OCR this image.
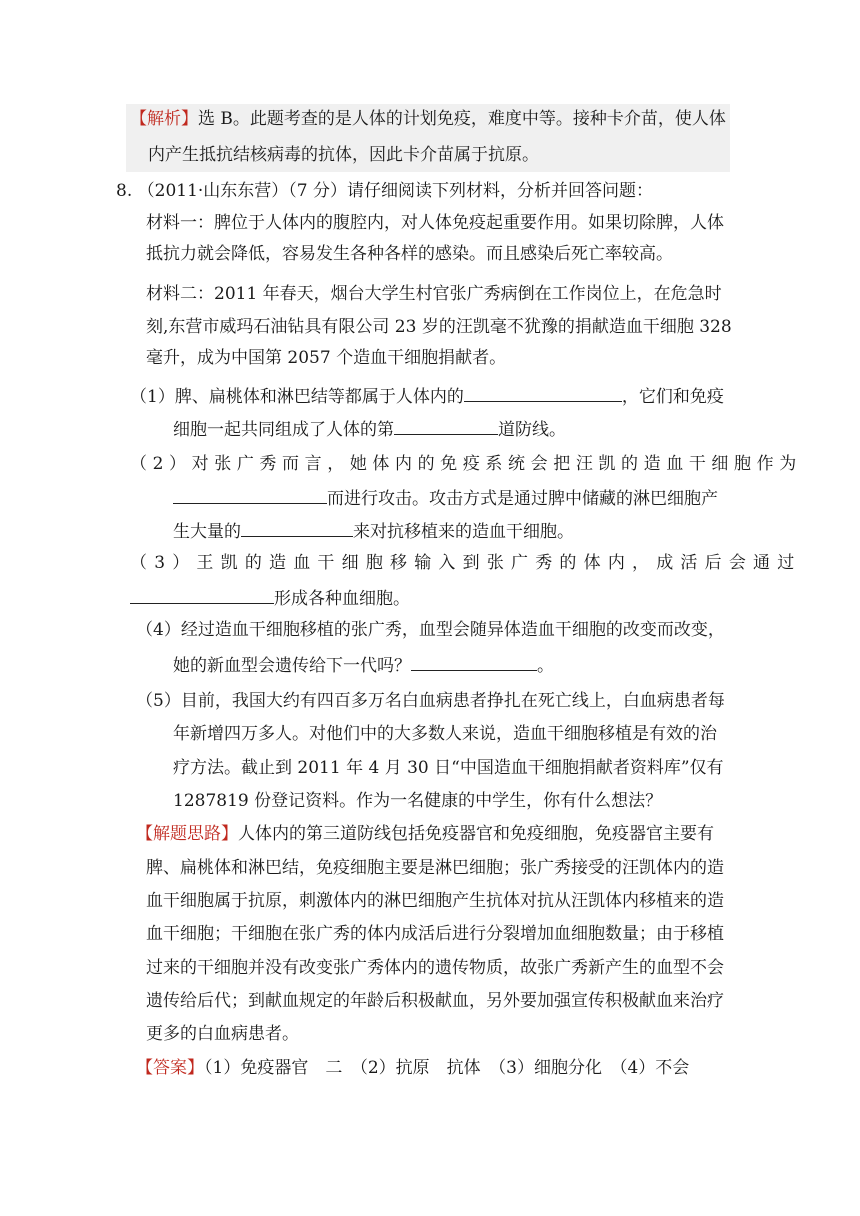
【解析】选 B。此题考查的是人体的计划免疫，难度中等。接种卡介苗，使人体
内产生抵抗结核病毒的抗体，因此卡介苗属于抗原。
8. （2011·山东东营）（7 分）请仔细阅读下列材料，分析并回答问题：
材料一：脾位于人体内的腹腔内，对人体免疫起重要作用。如果切除脾，人体
抵抗力就会降低，容易发生各种各样的感染。而且感染后死亡率较高。
材料二：2011 年春天，烟台大学生村官张广秀病倒在工作岗位上，在危急时
刻,东营市威玛石油钻具有限公司 23 岁的汪凯毫不犹豫的捐献造血干细胞 328
毫升，成为中国第 2057 个造血干细胞捐献者。
（1）脾、扁桃体和淋巴结等都属于人体内的	，它们和免疫
细胞一起共同组成了人体的第	道防线。
（2）对张广秀而言，她体内的免疫系统会把汪凯的造血干细胞作为
而进行攻击。攻击方式是通过脾中储藏的淋巴细胞产
生大量的	来对抗移植来的造血干细胞。
（3）王凯的造血干细胞移输入到张广秀的体内，成活后会通过
形成各种血细胞。
（4）经过造血干细胞移植的张广秀，血型会随异体造血干细胞的改变而改变，
她的新血型会遗传给下一代吗？	。
（5）目前，我国大约有四百多万名白血病患者挣扎在死亡线上，白血病患者每
年新增四万多人。对他们中的大多数人来说，造血干细胞移植是有效的治
疗方法。截止到 2011 年 4 月 30 日“中国造血干细胞捐献者资料库”仅有
1287819 份登记资料。作为一名健康的中学生，你有什么想法？
【解题思路】人体内的第三道防线包括免疫器官和免疫细胞，免疫器官主要有
脾、扁桃体和淋巴结，免疫细胞主要是淋巴细胞；张广秀接受的汪凯体内的造
血干细胞属于抗原，刺激体内的淋巴细胞产生抗体对抗从汪凯体内移植来的造
血干细胞；干细胞在张广秀的体内成活后进行分裂增加血细胞数量；由于移植
过来的干细胞并没有改变张广秀体内的遗传物质，故张广秀新产生的血型不会
遗传给后代；到献血规定的年龄后积极献血，另外要加强宣传积极献血来治疗
更多的白血病患者。
【答案】（1）免疫器官　二　（2）抗原　抗体　（3）细胞分化　（4）不会
